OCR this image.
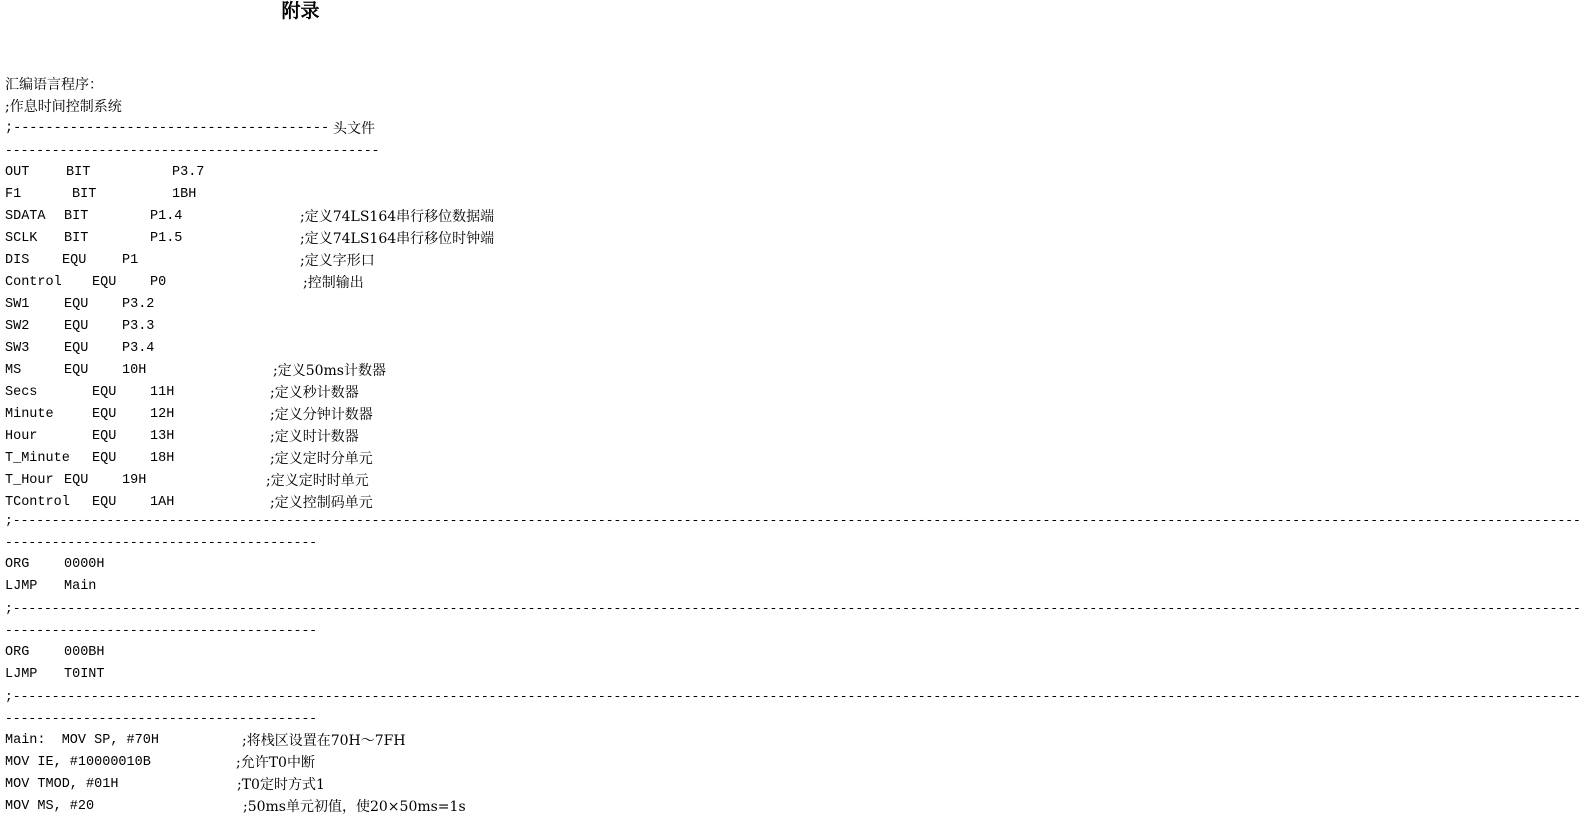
附录
汇编语言程序：
;作息时间控制系统
;--------------------------------------- 头文件
------------------------------------------------
OUT	BIT	P3.7
F1	BIT	1BH
SDATA BIT	P1.4	;定义74LS164串行移位数据端
SCLK BIT	P1.5	;定义74LS164串行移位时钟端
DIS EQU	P1	;定义字形口
Control EQU P0	;控制输出
SW1	EQU P3.2
SW2	EQU P3.3
SW3	EQU P3.4
MS	EQU 10H	;定义50ms计数器
Secs	EQU 11H	;定义秒计数器
Minute	EQU 12H	;定义分钟计数器
Hour	EQU 13H	;定义时计数器
T_Minute EQU 18H	;定义定时分单元
T_Hour EQU 19H	;定义定时时单元
TControl EQU 1AH	;定义控制码单元
;---------------------------------------------------------------------------------------------------------------------------------------------------------------------------------------------------------
----------------------------------------
ORG	0000H
LJMP Main
;---------------------------------------------------------------------------------------------------------------------------------------------------------------------------------------------------------
----------------------------------------
ORG	000BH
LJMP T0INT
;---------------------------------------------------------------------------------------------------------------------------------------------------------------------------------------------------------
----------------------------------------
Main:  MOV SP, #70H	;将栈区设置在70H～7FH
MOV IE, #10000010B	;允许T0中断
MOV TMOD, #01H	;T0定时方式1
MOV MS, #20	;50ms单元初值，使20×50ms=1s
